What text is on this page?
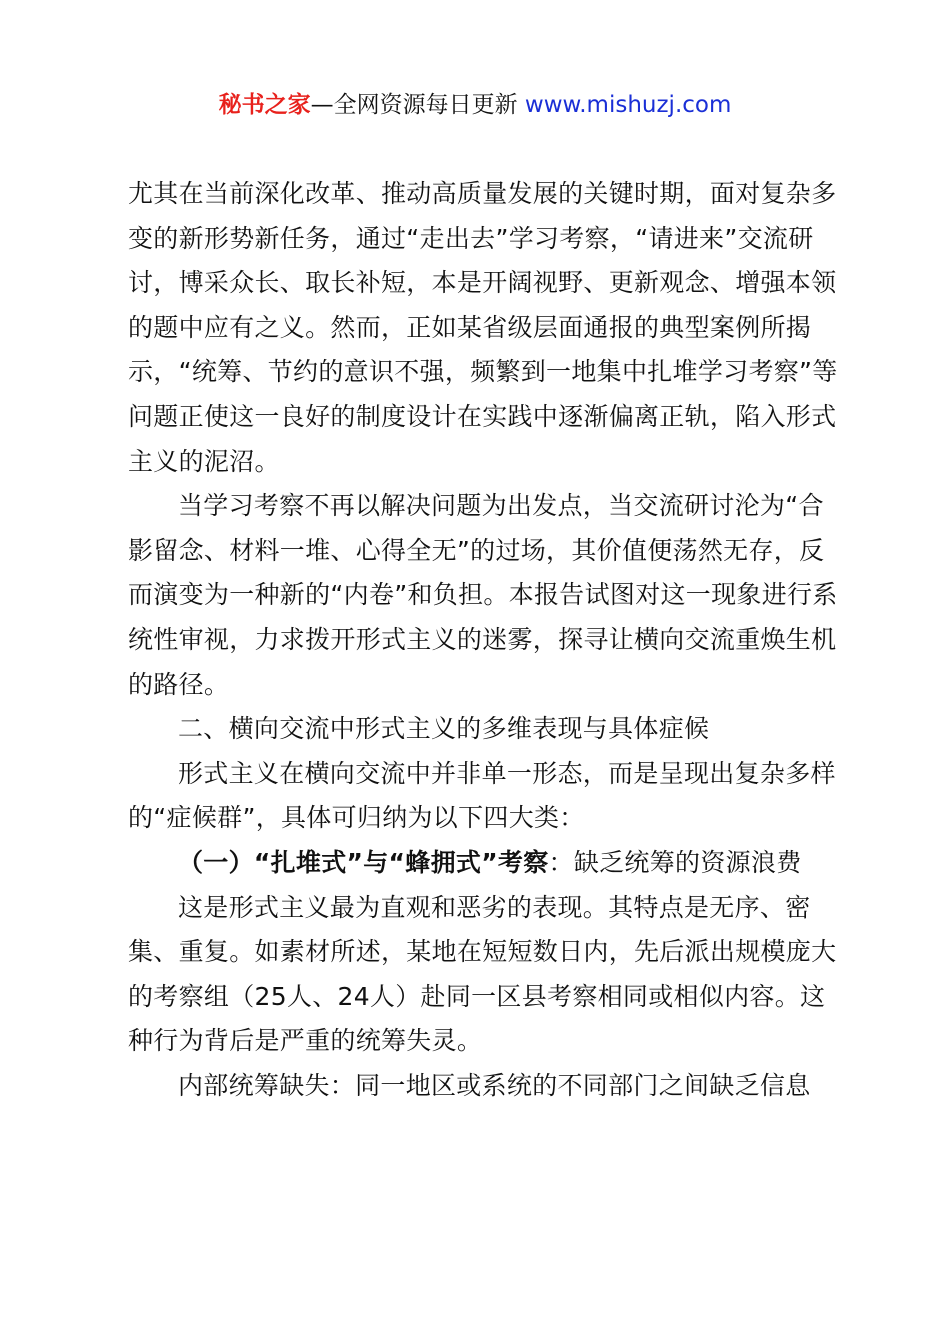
秘书之家—全网资源每日更新 www.mishuzj.com

尤其在当前深化改革、推动高质量发展的关键时期，面对复杂多变的新形势新任务，通过“走出去”学习考察，“请进来”交流研讨，博采众长、取长补短，本是开阔视野、更新观念、增强本领的题中应有之义。然而，正如某省级层面通报的典型案例所揭示，“统筹、节约的意识不强，频繁到一地集中扎堆学习考察”等问题正使这一良好的制度设计在实践中逐渐偏离正轨，陷入形式主义的泥沼。

当学习考察不再以解决问题为出发点，当交流研讨沦为“合影留念、材料一堆、心得全无”的过场，其价值便荡然无存，反而演变为一种新的“内卷”和负担。本报告试图对这一现象进行系统性审视，力求拨开形式主义的迷雾，探寻让横向交流重焕生机的路径。

二、横向交流中形式主义的多维表现与具体症候

形式主义在横向交流中并非单一形态，而是呈现出复杂多样的“症候群”，具体可归纳为以下四大类：

（一）“扎堆式”与“蜂拥式”考察：缺乏统筹的资源浪费

这是形式主义最为直观和恶劣的表现。其特点是无序、密集、重复。如素材所述，某地在短短数日内，先后派出规模庞大的考察组（25人、24人）赴同一区县考察相同或相似内容。这种行为背后是严重的统筹失灵。

内部统筹缺失：同一地区或系统的不同部门之间缺乏信息
